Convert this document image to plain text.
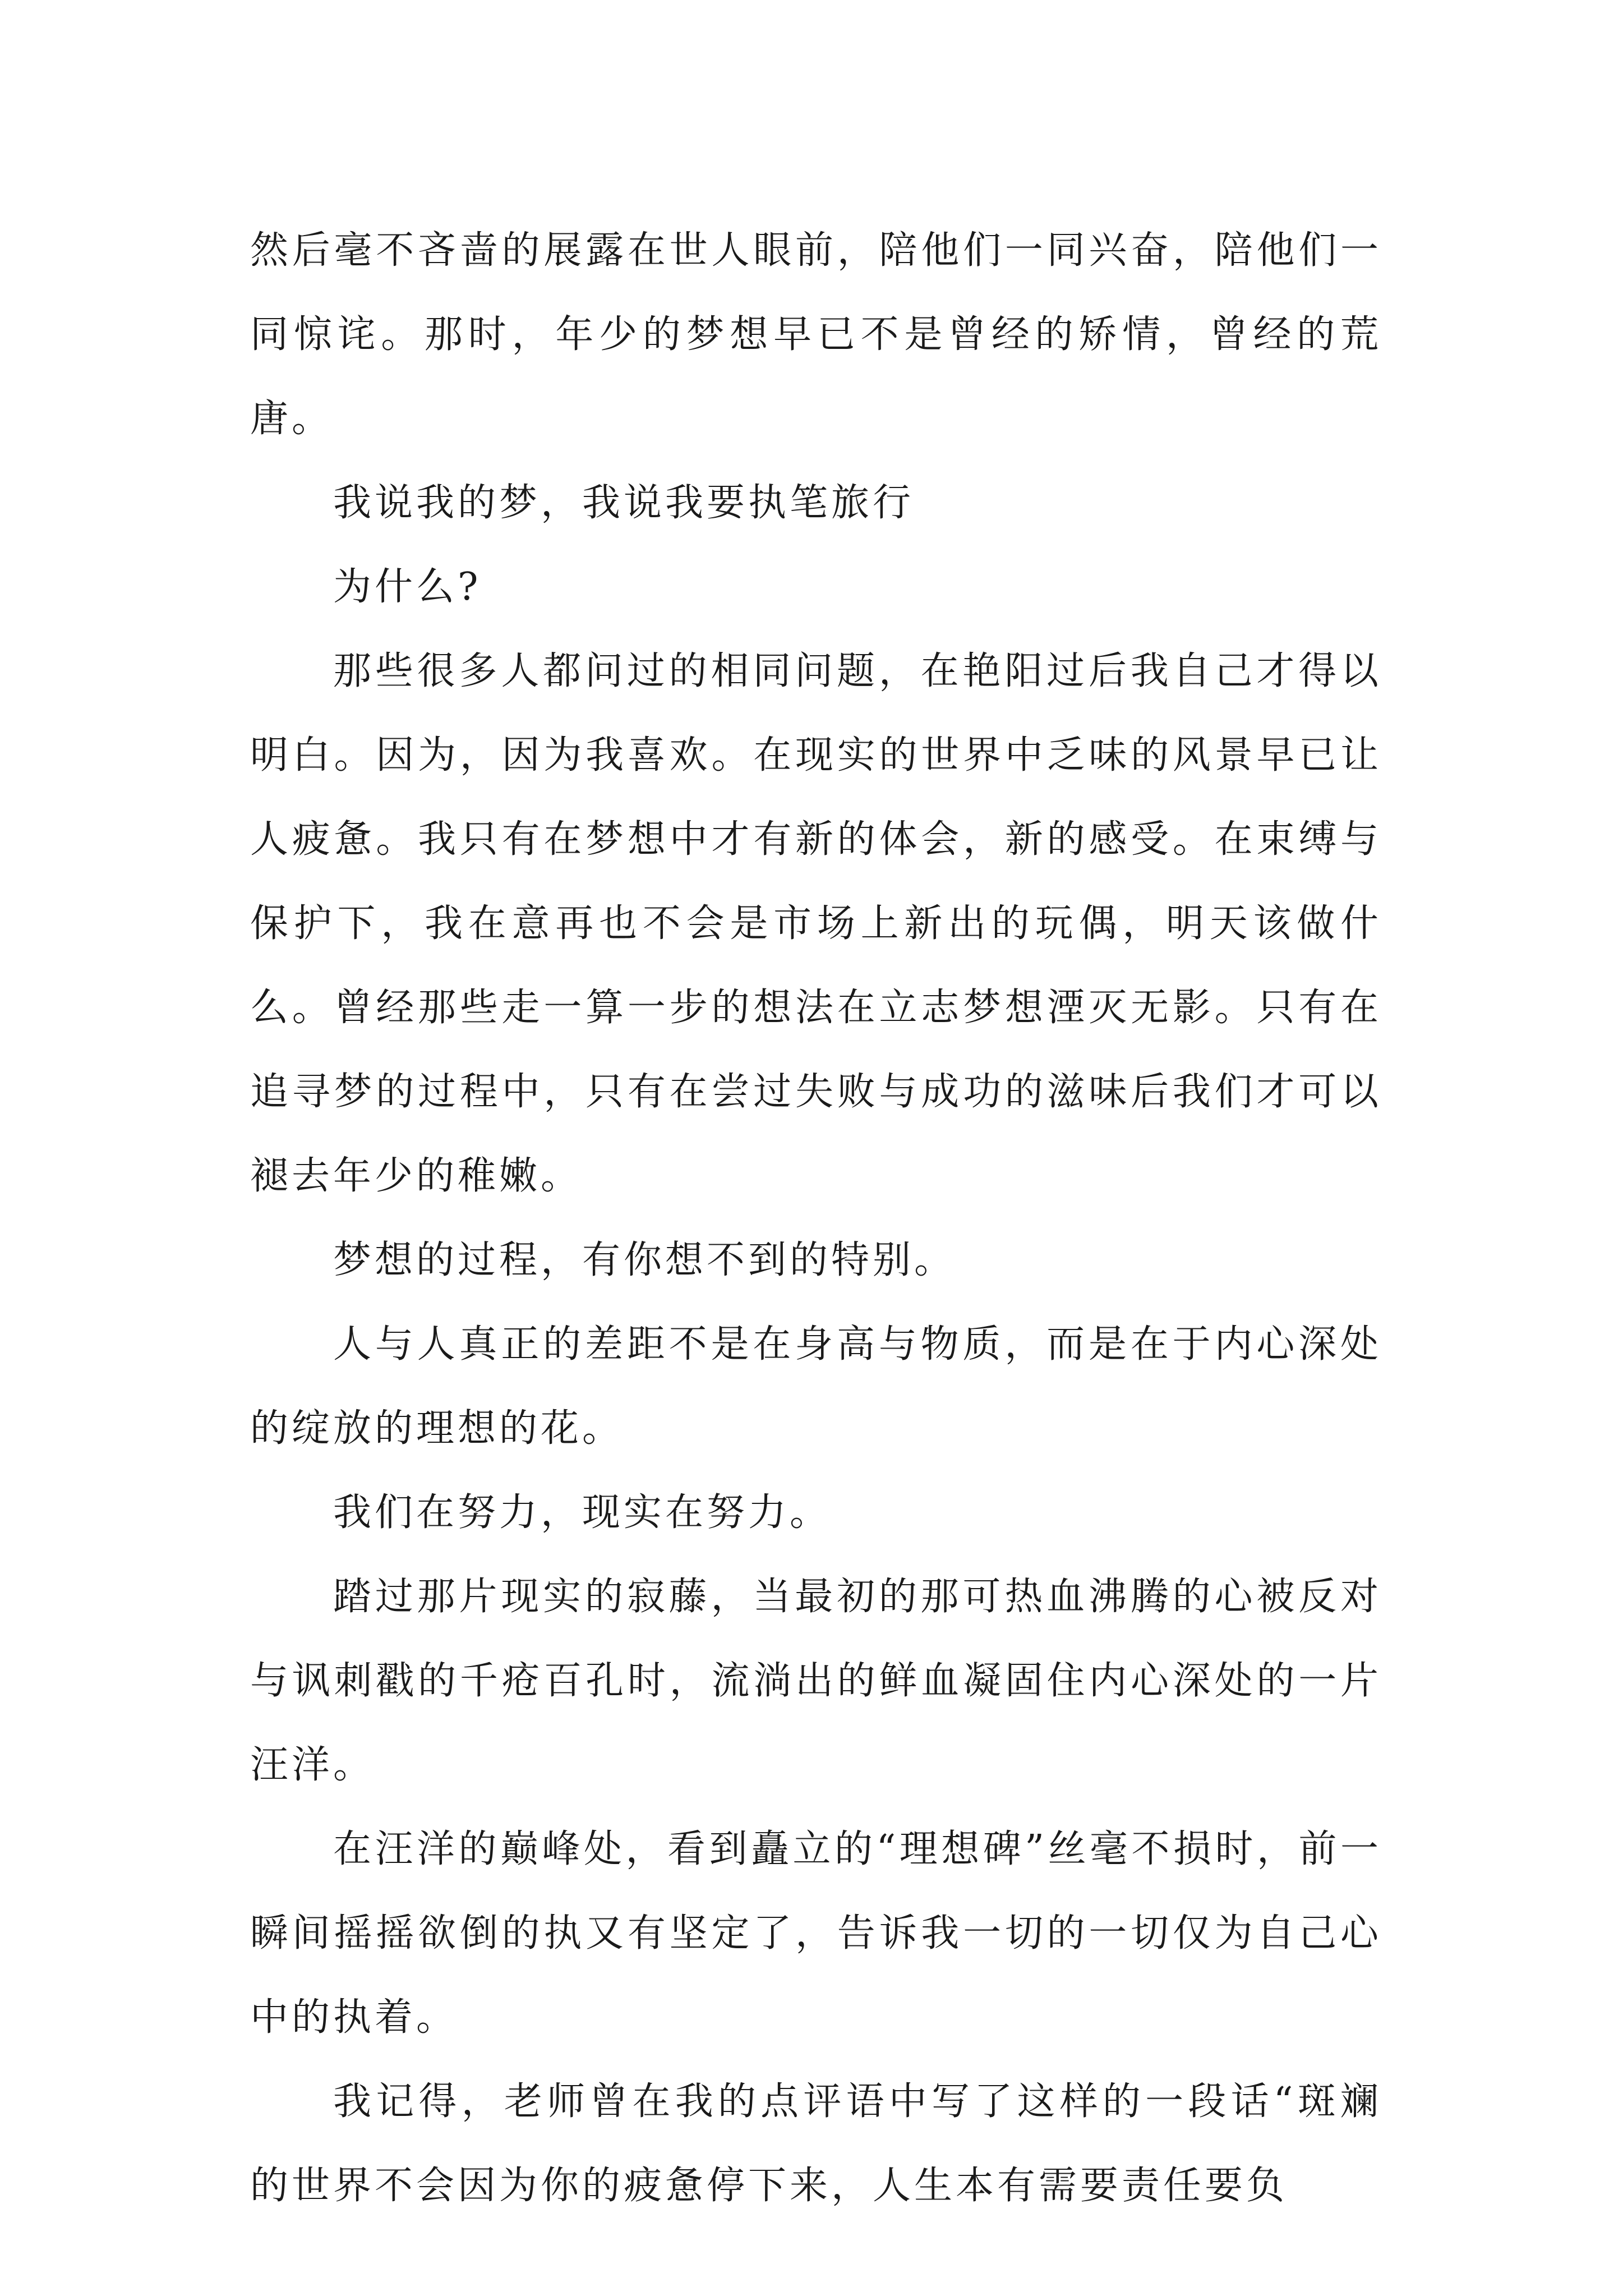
然后毫不吝啬的展露在世人眼前，陪他们一同兴奋，陪他们一同惊诧。那时，年少的梦想早已不是曾经的矫情，曾经的荒唐。

我说我的梦，我说我要执笔旅行

为什么?

那些很多人都问过的相同问题，在艳阳过后我自己才得以明白。因为，因为我喜欢。在现实的世界中乏味的风景早已让人疲惫。我只有在梦想中才有新的体会，新的感受。在束缚与保护下，我在意再也不会是市场上新出的玩偶，明天该做什么。曾经那些走一算一步的想法在立志梦想湮灭无影。只有在追寻梦的过程中，只有在尝过失败与成功的滋味后我们才可以褪去年少的稚嫩。

梦想的过程，有你想不到的特别。

人与人真正的差距不是在身高与物质，而是在于内心深处的绽放的理想的花。

我们在努力，现实在努力。

踏过那片现实的寂藤，当最初的那可热血沸腾的心被反对与讽刺戳的千疮百孔时，流淌出的鲜血凝固住内心深处的一片汪洋。

在汪洋的巅峰处，看到矗立的“理想碑”丝毫不损时，前一瞬间摇摇欲倒的执又有坚定了，告诉我一切的一切仅为自己心中的执着。

我记得，老师曾在我的点评语中写了这样的一段话“斑斓的世界不会因为你的疲惫停下来，人生本有需要责任要负
